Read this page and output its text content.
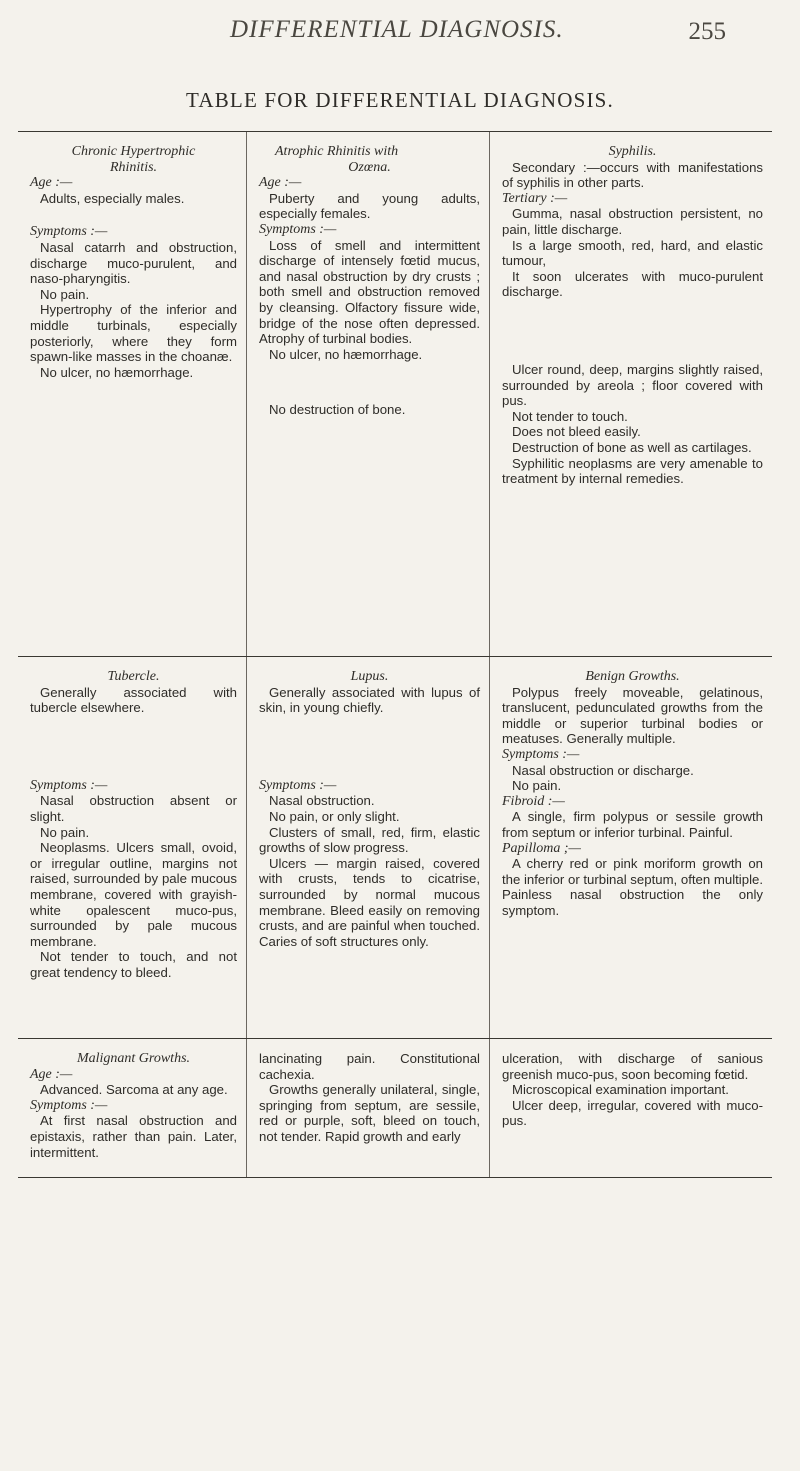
DIFFERENTIAL DIAGNOSIS.	255
TABLE FOR DIFFERENTIAL DIAGNOSIS.

Chronic Hypertrophic

Rhinitis.

Age :—

Adults, especially males.

Symptoms :—

Nasal catarrh and obstruction, discharge muco-purulent, and naso-pharyngitis.

No pain.

Hypertrophy of the inferior and middle turbinals, especially posteriorly, where they form spawn-like masses in the choanæ.

No ulcer, no hæmorrhage.

Atrophic Rhinitis with

Ozœna.

Age :—

Puberty and young adults, especially females.

Symptoms :—

Loss of smell and intermittent discharge of intensely fœtid mucus, and nasal obstruction by dry crusts ; both smell and obstruction removed by cleansing. Olfactory fissure wide, bridge of the nose often depressed. Atrophy of turbinal bodies.

No ulcer, no hæmorrhage.

No destruction of bone.

Syphilis.

Secondary :—occurs with manifestations of syphilis in other parts.

Tertiary :—

Gumma, nasal obstruction persistent, no pain, little discharge.

Is a large smooth, red, hard, and elastic tumour,

It soon ulcerates with muco-purulent discharge.

Ulcer round, deep, margins slightly raised, surrounded by areola ; floor covered with pus.

Not tender to touch.

Does not bleed easily.

Destruction of bone as well as cartilages.

Syphilitic neoplasms are very amenable to treatment by internal remedies.

Tubercle.

Generally associated with tubercle elsewhere.

Symptoms :—

Nasal obstruction absent or slight.

No pain.

Neoplasms. Ulcers small, ovoid, or irregular outline, margins not raised, surrounded by pale mucous membrane, covered with grayish-white opalescent muco-pus, surrounded by pale mucous membrane.

Not tender to touch, and not great tendency to bleed.

Lupus.

Generally associated with lupus of skin, in young chiefly.

Symptoms :—

Nasal obstruction.

No pain, or only slight.

Clusters of small, red, firm, elastic growths of slow progress.

Ulcers — margin raised, covered with crusts, tends to cicatrise, surrounded by normal mucous membrane. Bleed easily on removing crusts, and are painful when touched. Caries of soft structures only.

Benign Growths.

Polypus freely moveable, gelatinous, translucent, pedunculated growths from the middle or superior turbinal bodies or meatuses. Generally multiple.

Symptoms :—

Nasal obstruction or discharge.

No pain.

Fibroid :—

A single, firm polypus or sessile growth from septum or inferior turbinal. Painful.

Papilloma ;—

A cherry red or pink moriform growth on the inferior or turbinal septum, often multiple. Painless nasal obstruction the only symptom.

Malignant Growths.

Age :—

Advanced. Sarcoma at any age.

Symptoms :—

At first nasal obstruction and epistaxis, rather than pain. Later, intermittent.

lancinating pain. Constitutional cachexia.

Growths generally unilateral, single, springing from septum, are sessile, red or purple, soft, bleed on touch, not tender. Rapid growth and early

ulceration, with discharge of sanious greenish muco-pus, soon becoming fœtid.

Microscopical examination important.

Ulcer deep, irregular, covered with muco-pus.
